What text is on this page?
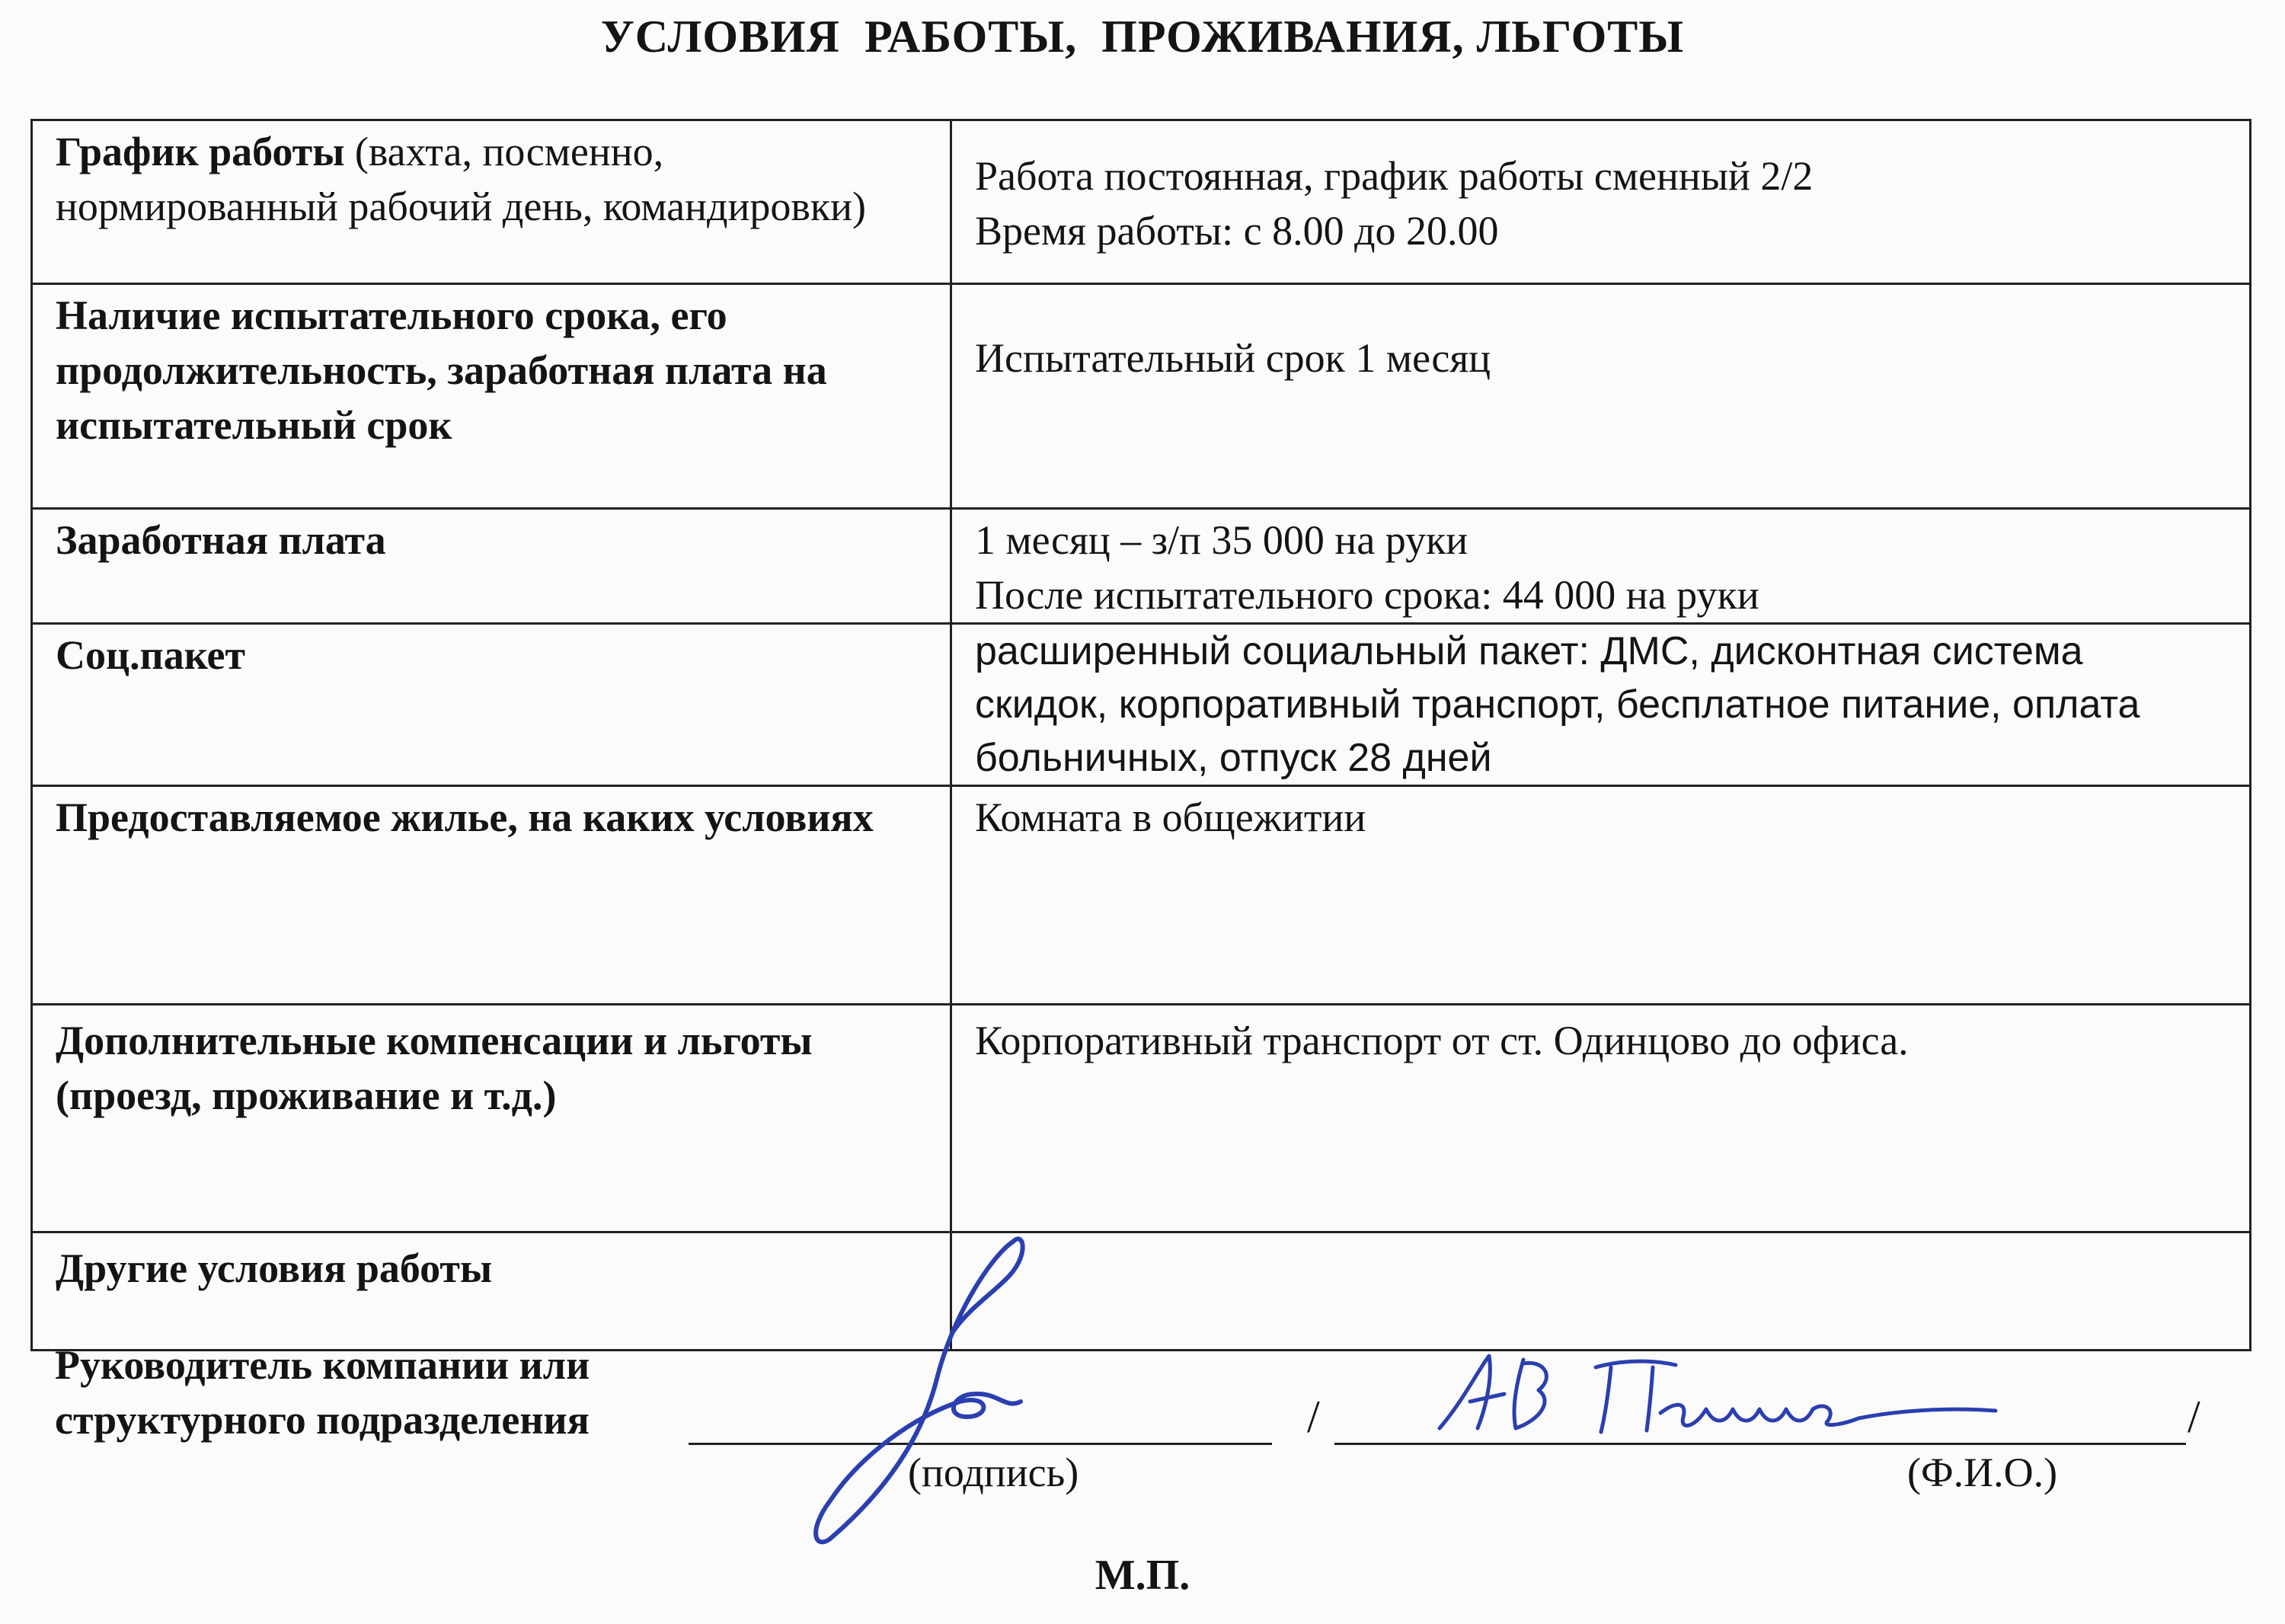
УСЛОВИЯ  РАБОТЫ,  ПРОЖИВАНИЯ, ЛЬГОТЫ
График работы (вахта, посменно, нормированный рабочий день, командировки)	Работа постоянная, график работы сменный 2/2
Время работы: с 8.00 до 20.00
Наличие испытательного срока, его продолжительность, заработная плата на испытательный срок	Испытательный срок 1 месяц
Заработная плата	1 месяц – з/п 35 000 на руки
После испытательного срока: 44 000 на руки
Соц.пакет	расширенный социальный пакет: ДМС, дисконтная система скидок, корпоративный транспорт, бесплатное питание, оплата больничных, отпуск 28 дней
Предоставляемое жилье, на каких условиях	Комната в общежитии
Дополнительные компенсации и льготы (проезд, проживание и т.д.)	Корпоративный транспорт от ст. Одинцово до офиса.
Другие условия работы	
Руководитель компании или
структурного подразделения	/	/
(подпись)	(Ф.И.О.)
М.П.
